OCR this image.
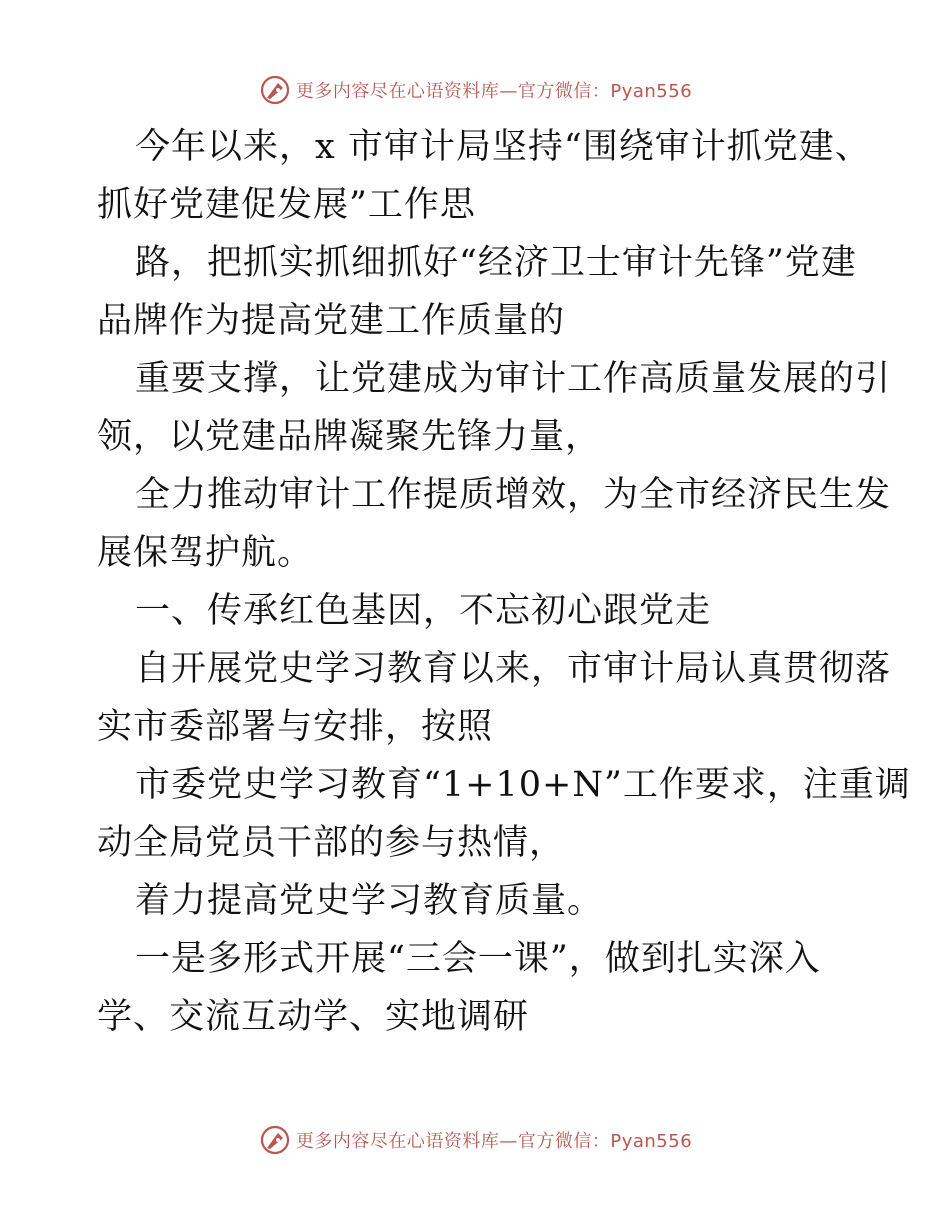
更多内容尽在心语资料库—官方微信：Pyan556

今年以来，x 市审计局坚持“围绕审计抓党建、
抓好党建促发展”工作思

路，把抓实抓细抓好“经济卫士审计先锋”党建
品牌作为提高党建工作质量的

重要支撑，让党建成为审计工作高质量发展的引
领，以党建品牌凝聚先锋力量，

全力推动审计工作提质增效，为全市经济民生发
展保驾护航。

一、传承红色基因，不忘初心跟党走

自开展党史学习教育以来，市审计局认真贯彻落
实市委部署与安排，按照

市委党史学习教育“1+10+N”工作要求，注重调
动全局党员干部的参与热情，

着力提高党史学习教育质量。

一是多形式开展“三会一课”，做到扎实深入
学、交流互动学、实地调研

更多内容尽在心语资料库—官方微信：Pyan556
